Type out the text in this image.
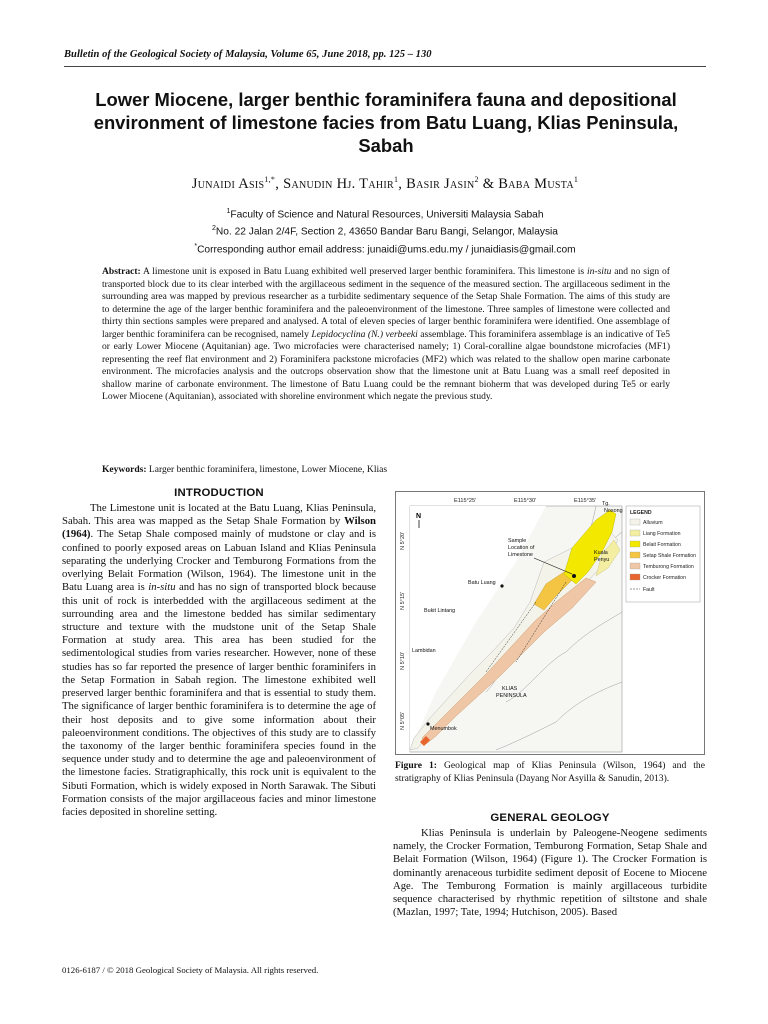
Bulletin of the Geological Society of Malaysia, Volume 65, June 2018, pp. 125 – 130
Lower Miocene, larger benthic foraminifera fauna and depositional
environment of limestone facies from Batu Luang, Klias Peninsula,
Sabah
Junaidi Asis$^{1,*}$, Sanudin Hj. Tahir$^1$, Basir Jasin$^2$ & Baba Musta$^1$
$^1$Faculty of Science and Natural Resources, Universiti Malaysia Sabah
$^2$No. 22 Jalan 2/4F, Section 2, 43650 Bandar Baru Bangi, Selangor, Malaysia
*Corresponding author email address: junaidi@ums.edu.my / junaidiasis@gmail.com
Abstract: A limestone unit is exposed in Batu Luang exhibited well preserved larger benthic foraminifera. This limestone is in-situ and no sign of transported block due to its clear interbed with the argillaceous sediment in the sequence of the measured section. The argillaceous sediment in the surrounding area was mapped by previous researcher as a turbidite sedimentary sequence of the Setap Shale Formation. The aims of this study are to determine the age of the larger benthic foraminifera and the paleoenvironment of the limestone. Three samples of limestone were collected and thirty thin sections samples were prepared and analysed. A total of eleven species of larger benthic foraminifera were identified. One assemblage of larger benthic foraminifera can be recognised, namely Lepidocyclina (N.) verbeeki assemblage. This foraminifera assemblage is an indicative of Te5 or early Lower Miocene (Aquitanian) age. Two microfacies were characterised namely; 1) Coral-coralline algae boundstone microfacies (MF1) representing the reef flat environment and 2) Foraminifera packstone microfacies (MF2) which was related to the shallow open marine carbonate environment. The microfacies analysis and the outcrops observation show that the limestone unit at Batu Luang was a small reef deposited in shallow marine of carbonate environment. The limestone of Batu Luang could be the remnant bioherm that was developed during Te5 or early Lower Miocene (Aquitanian), associated with shoreline environment which negate the previous study.
Keywords: Larger benthic foraminifera, limestone, Lower Miocene, Klias
INTRODUCTION

The Limestone unit is located at the Batu Luang, Klias Peninsula, Sabah. This area was mapped as the Setap Shale Formation by Wilson (1964). The Setap Shale composed mainly of mudstone or clay and is confined to poorly exposed areas on Labuan Island and Klias Peninsula separating the underlying Crocker and Temburong Formations from the overlying Belait Formation (Wilson, 1964). The limestone unit in the Batu Luang area is in-situ and has no sign of transported block because this unit of rock is interbedded with the argillaceous sediment at the surrounding area and the limestone bedded has similar sedimentary structure and texture with the mudstone unit of the Setap Shale Formation at study area. This area has been studied for the sedimentological studies from varies researcher. However, none of these studies has so far reported the presence of larger benthic foraminifers in the Setap Formation in Sabah region. The limestone exhibited well preserved larger benthic foraminifera and that is essential to study them. The significance of larger benthic foraminifera is to determine the age of their host deposits and to give some information about their paleoenvironment conditions. The objectives of this study are to classify the taxonomy of the larger benthic foraminifera species found in the sequence under study and to determine the age and paleoenvironment of the limestone facies. Stratigraphically, this rock unit is equivalent to the Sibuti Formation, which is widely exposed in North Sarawak. The Sibuti Formation consists of the major argillaceous facies and minor limestone facies deposited in shoreline setting.

0126-6187 / © 2018 Geological Society of Malaysia. All rights reserved.
Sample
Location of
Limestone
Batu Luang
Tg.
Nosong
Kuala
Penyu
Bukit Lintang
Lambidan
KLIAS
PENINSULA
Menumbok
E115°25'	E115°30'	E115°35'
N 5°20'
N 5°15'
N 5°10'
N 5°05'
N	LEGEND
Alluvium
Liang Formation
Belait Formation
Setap Shale Formation
Temburong Formation
Crocker Formation
Fault
Figure 1: Geological map of Klias Peninsula (Wilson, 1964) and the stratigraphy of Klias Peninsula (Dayang Nor Asyilla & Sanudin, 2013).
GENERAL GEOLOGY

Klias Peninsula is underlain by Paleogene-Neogene sediments namely, the Crocker Formation, Temburong Formation, Setap Shale and Belait Formation (Wilson, 1964) (Figure 1). The Crocker Formation is dominantly arenaceous turbidite sediment deposit of Eocene to Miocene Age. The Temburong Formation is mainly argillaceous turbidite sequence characterised by rhythmic repetition of siltstone and shale (Mazlan, 1997; Tate, 1994; Hutchison, 2005). Based
